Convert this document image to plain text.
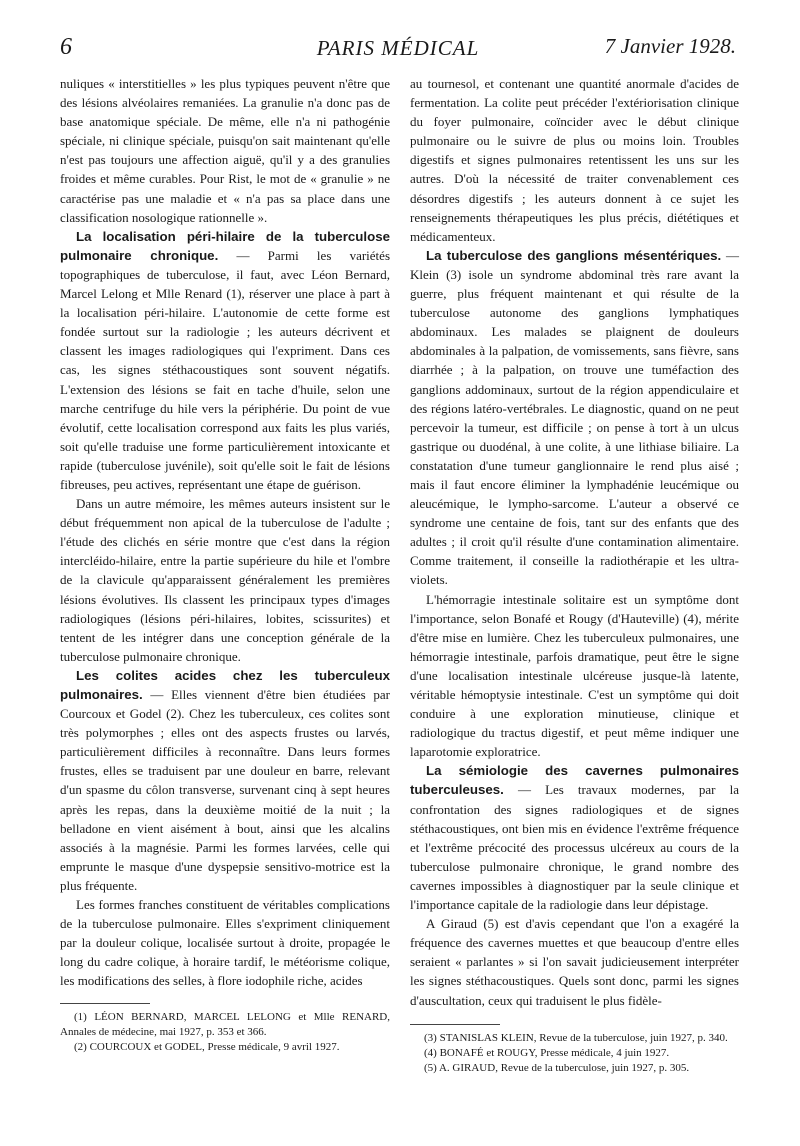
6	PARIS MÉDICAL	7 Janvier 1928.

nuliques « interstitielles » les plus typiques peuvent n'être que des lésions alvéolaires remaniées. La granulie n'a donc pas de base anatomique spéciale. De même, elle n'a ni pathogénie spéciale, ni clinique spéciale, puisqu'on sait maintenant qu'elle n'est pas toujours une affection aiguë, qu'il y a des granulies froides et même curables. Pour Rist, le mot de « granulie » ne caractérise pas une maladie et « n'a pas sa place dans une classification nosologique rationnelle ».

La localisation péri-hilaire de la tuberculose pulmonaire chronique. — Parmi les variétés topographiques de tuberculose, il faut, avec Léon Bernard, Marcel Lelong et Mlle Renard (1), réserver une place à part à la localisation péri-hilaire. L'autonomie de cette forme est fondée surtout sur la radiologie ; les auteurs décrivent et classent les images radiologiques qui l'expriment. Dans ces cas, les signes stéthacoustiques sont souvent négatifs. L'extension des lésions se fait en tache d'huile, selon une marche centrifuge du hile vers la périphérie. Du point de vue évolutif, cette localisation correspond aux faits les plus variés, soit qu'elle traduise une forme particulièrement intoxicante et rapide (tuberculose juvénile), soit qu'elle soit le fait de lésions fibreuses, peu actives, représentant une étape de guérison.

Dans un autre mémoire, les mêmes auteurs insistent sur le début fréquemment non apical de la tuberculose de l'adulte ; l'étude des clichés en série montre que c'est dans la région intercléido-hilaire, entre la partie supérieure du hile et l'ombre de la clavicule qu'apparaissent généralement les premières lésions évolutives. Ils classent les principaux types d'images radiologiques (lésions péri-hilaires, lobites, scissurites) et tentent de les intégrer dans une conception générale de la tuberculose pulmonaire chronique.

Les colites acides chez les tuberculeux pulmonaires. — Elles viennent d'être bien étudiées par Courcoux et Godel (2). Chez les tuberculeux, ces colites sont très polymorphes ; elles ont des aspects frustes ou larvés, particulièrement difficiles à reconnaître. Dans leurs formes frustes, elles se traduisent par une douleur en barre, relevant d'un spasme du côlon transverse, survenant cinq à sept heures après les repas, dans la deuxième moitié de la nuit ; la belladone en vient aisément à bout, ainsi que les alcalins associés à la magnésie. Parmi les formes larvées, celle qui emprunte le masque d'une dyspepsie sensitivo-motrice est la plus fréquente.

Les formes franches constituent de véritables complications de la tuberculose pulmonaire. Elles s'expriment cliniquement par la douleur colique, localisée surtout à droite, propagée le long du cadre colique, à horaire tardif, le météorisme colique, les modifications des selles, à flore iodophile riche, acides

(1) LÉON BERNARD, MARCEL LELONG et Mlle RENARD, Annales de médecine, mai 1927, p. 353 et 366.

(2) COURCOUX et GODEL, Presse médicale, 9 avril 1927.

au tournesol, et contenant une quantité anormale d'acides de fermentation. La colite peut précéder l'extériorisation clinique du foyer pulmonaire, coïncider avec le début clinique pulmonaire ou le suivre de plus ou moins loin. Troubles digestifs et signes pulmonaires retentissent les uns sur les autres. D'où la nécessité de traiter convenablement ces désordres digestifs ; les auteurs donnent à ce sujet les renseignements thérapeutiques les plus précis, diététiques et médicamenteux.

La tuberculose des ganglions mésentériques. — Klein (3) isole un syndrome abdominal très rare avant la guerre, plus fréquent maintenant et qui résulte de la tuberculose autonome des ganglions lymphatiques abdominaux. Les malades se plaignent de douleurs abdominales à la palpation, de vomissements, sans fièvre, sans diarrhée ; à la palpation, on trouve une tuméfaction des ganglions addominaux, surtout de la région appendiculaire et des régions latéro-vertébrales. Le diagnostic, quand on ne peut percevoir la tumeur, est difficile ; on pense à tort à un ulcus gastrique ou duodénal, à une colite, à une lithiase biliaire. La constatation d'une tumeur ganglionnaire le rend plus aisé ; mais il faut encore éliminer la lymphadénie leucémique ou aleucémique, le lympho-sarcome. L'auteur a observé ce syndrome une centaine de fois, tant sur des enfants que des adultes ; il croit qu'il résulte d'une contamination alimentaire. Comme traitement, il conseille la radiothérapie et les ultra-violets.

L'hémorragie intestinale solitaire est un symptôme dont l'importance, selon Bonafé et Rougy (d'Hauteville) (4), mérite d'être mise en lumière. Chez les tuberculeux pulmonaires, une hémorragie intestinale, parfois dramatique, peut être le signe d'une localisation intestinale ulcéreuse jusque-là latente, véritable hémoptysie intestinale. C'est un symptôme qui doit conduire à une exploration minutieuse, clinique et radiologique du tractus digestif, et peut même indiquer une laparotomie exploratrice.

La sémiologie des cavernes pulmonaires tuberculeuses. — Les travaux modernes, par la confrontation des signes radiologiques et de signes stéthacoustiques, ont bien mis en évidence l'extrême fréquence et l'extrême précocité des processus ulcéreux au cours de la tuberculose pulmonaire chronique, le grand nombre des cavernes impossibles à diagnostiquer par la seule clinique et l'importance capitale de la radiologie dans leur dépistage.

A Giraud (5) est d'avis cependant que l'on a exagéré la fréquence des cavernes muettes et que beaucoup d'entre elles seraient « parlantes » si l'on savait judicieusement interpréter les signes stéthacoustiques. Quels sont donc, parmi les signes d'auscultation, ceux qui traduisent le plus fidèle-

(3) STANISLAS KLEIN, Revue de la tuberculose, juin 1927, p. 340.

(4) BONAFÉ et ROUGY, Presse médicale, 4 juin 1927.

(5) A. GIRAUD, Revue de la tuberculose, juin 1927, p. 305.
